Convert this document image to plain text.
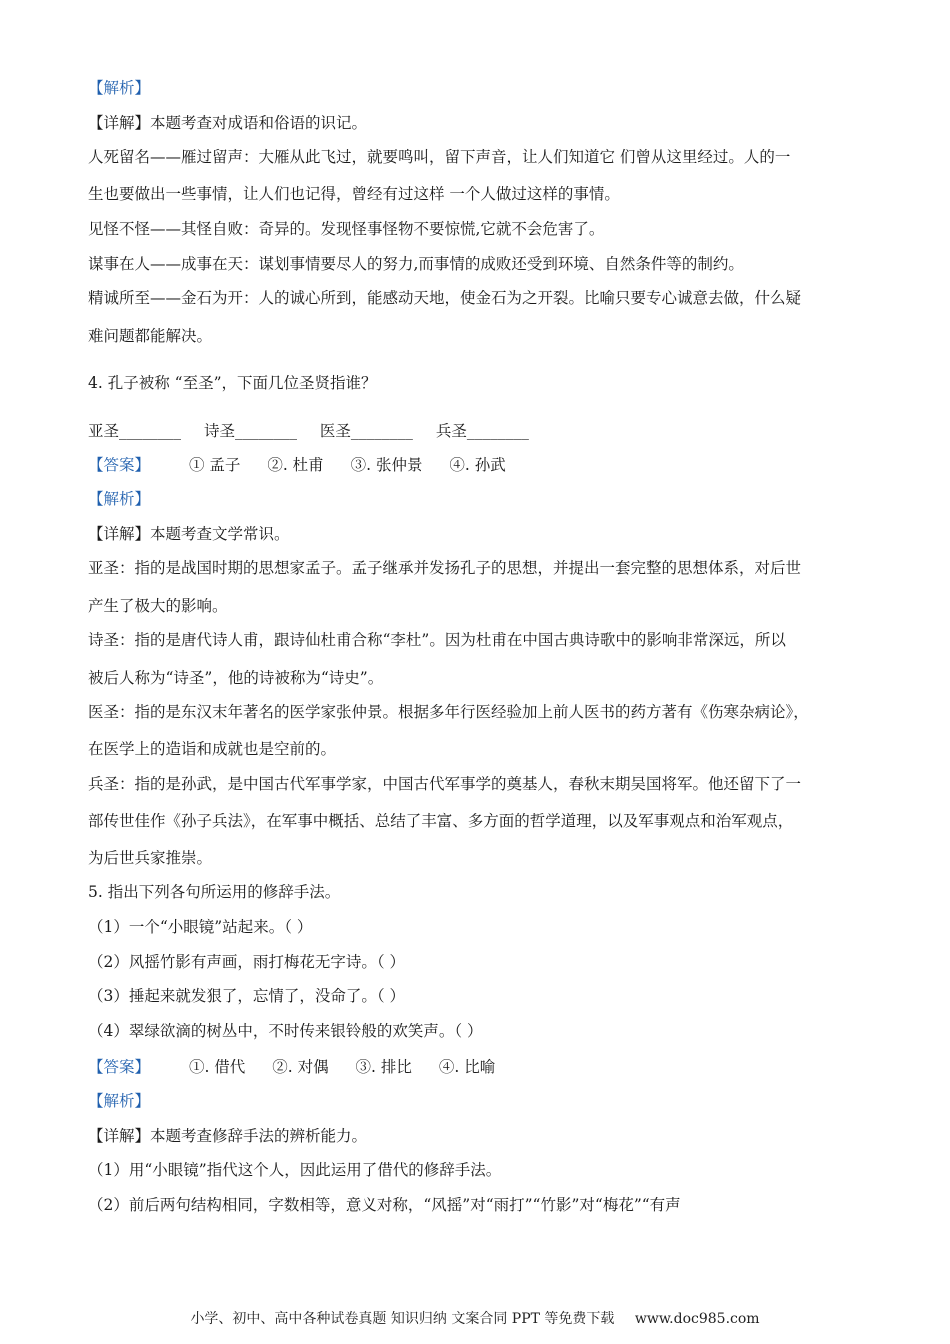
【解析】
【详解】本题考查对成语和俗语的识记。
人死留名——雁过留声：大雁从此飞过，就要鸣叫，留下声音，让人们知道它 们曾从这里经过。人的一
生也要做出一些事情，让人们也记得，曾经有过这样 一个人做过这样的事情。
见怪不怪——其怪自败：奇异的。发现怪事怪物不要惊慌,它就不会危害了。
谋事在人——成事在天：谋划事情要尽人的努力,而事情的成败还受到环境、自然条件等的制约。
精诚所至——金石为开：人的诚心所到，能感动天地，使金石为之开裂。比喻只要专心诚意去做，什么疑
难问题都能解决。
4. 孔子被称 “至圣”，下面几位圣贤指谁？
亚圣________ 诗圣________ 医圣________ 兵圣________
【答案】	① 孟子 ②. 杜甫 ③. 张仲景 ④. 孙武
【解析】
【详解】本题考查文学常识。
亚圣：指的是战国时期的思想家孟子。孟子继承并发扬孔子的思想，并提出一套完整的思想体系，对后世
产生了极大的影响。
诗圣：指的是唐代诗人甫，跟诗仙杜甫合称“李杜”。因为杜甫在中国古典诗歌中的影响非常深远，所以
被后人称为“诗圣”，他的诗被称为“诗史”。
医圣：指的是东汉末年著名的医学家张仲景。根据多年行医经验加上前人医书的药方著有《伤寒杂病论》，
在医学上的造诣和成就也是空前的。
兵圣：指的是孙武，是中国古代军事学家，中国古代军事学的奠基人，春秋末期吴国将军。他还留下了一
部传世佳作《孙子兵法》，在军事中概括、总结了丰富、多方面的哲学道理，以及军事观点和治军观点，
为后世兵家推崇。
5. 指出下列各句所运用的修辞手法。
（1）一个“小眼镜”站起来。（ ）
（2）风摇竹影有声画，雨打梅花无字诗。（ ）
（3）捶起来就发狠了，忘情了，没命了。（ ）
（4）翠绿欲滴的树丛中，不时传来银铃般的欢笑声。（ ）
【答案】	①. 借代 ②. 对偶 ③. 排比 ④. 比喻
【解析】
【详解】本题考查修辞手法的辨析能力。
（1）用“小眼镜”指代这个人，因此运用了借代的修辞手法。
（2）前后两句结构相同，字数相等，意义对称，“风摇”对“雨打”“竹影”对“梅花”“有声
小学、初中、高中各种试卷真题 知识归纳 文案合同 PPT 等免费下载 www.doc985.com
